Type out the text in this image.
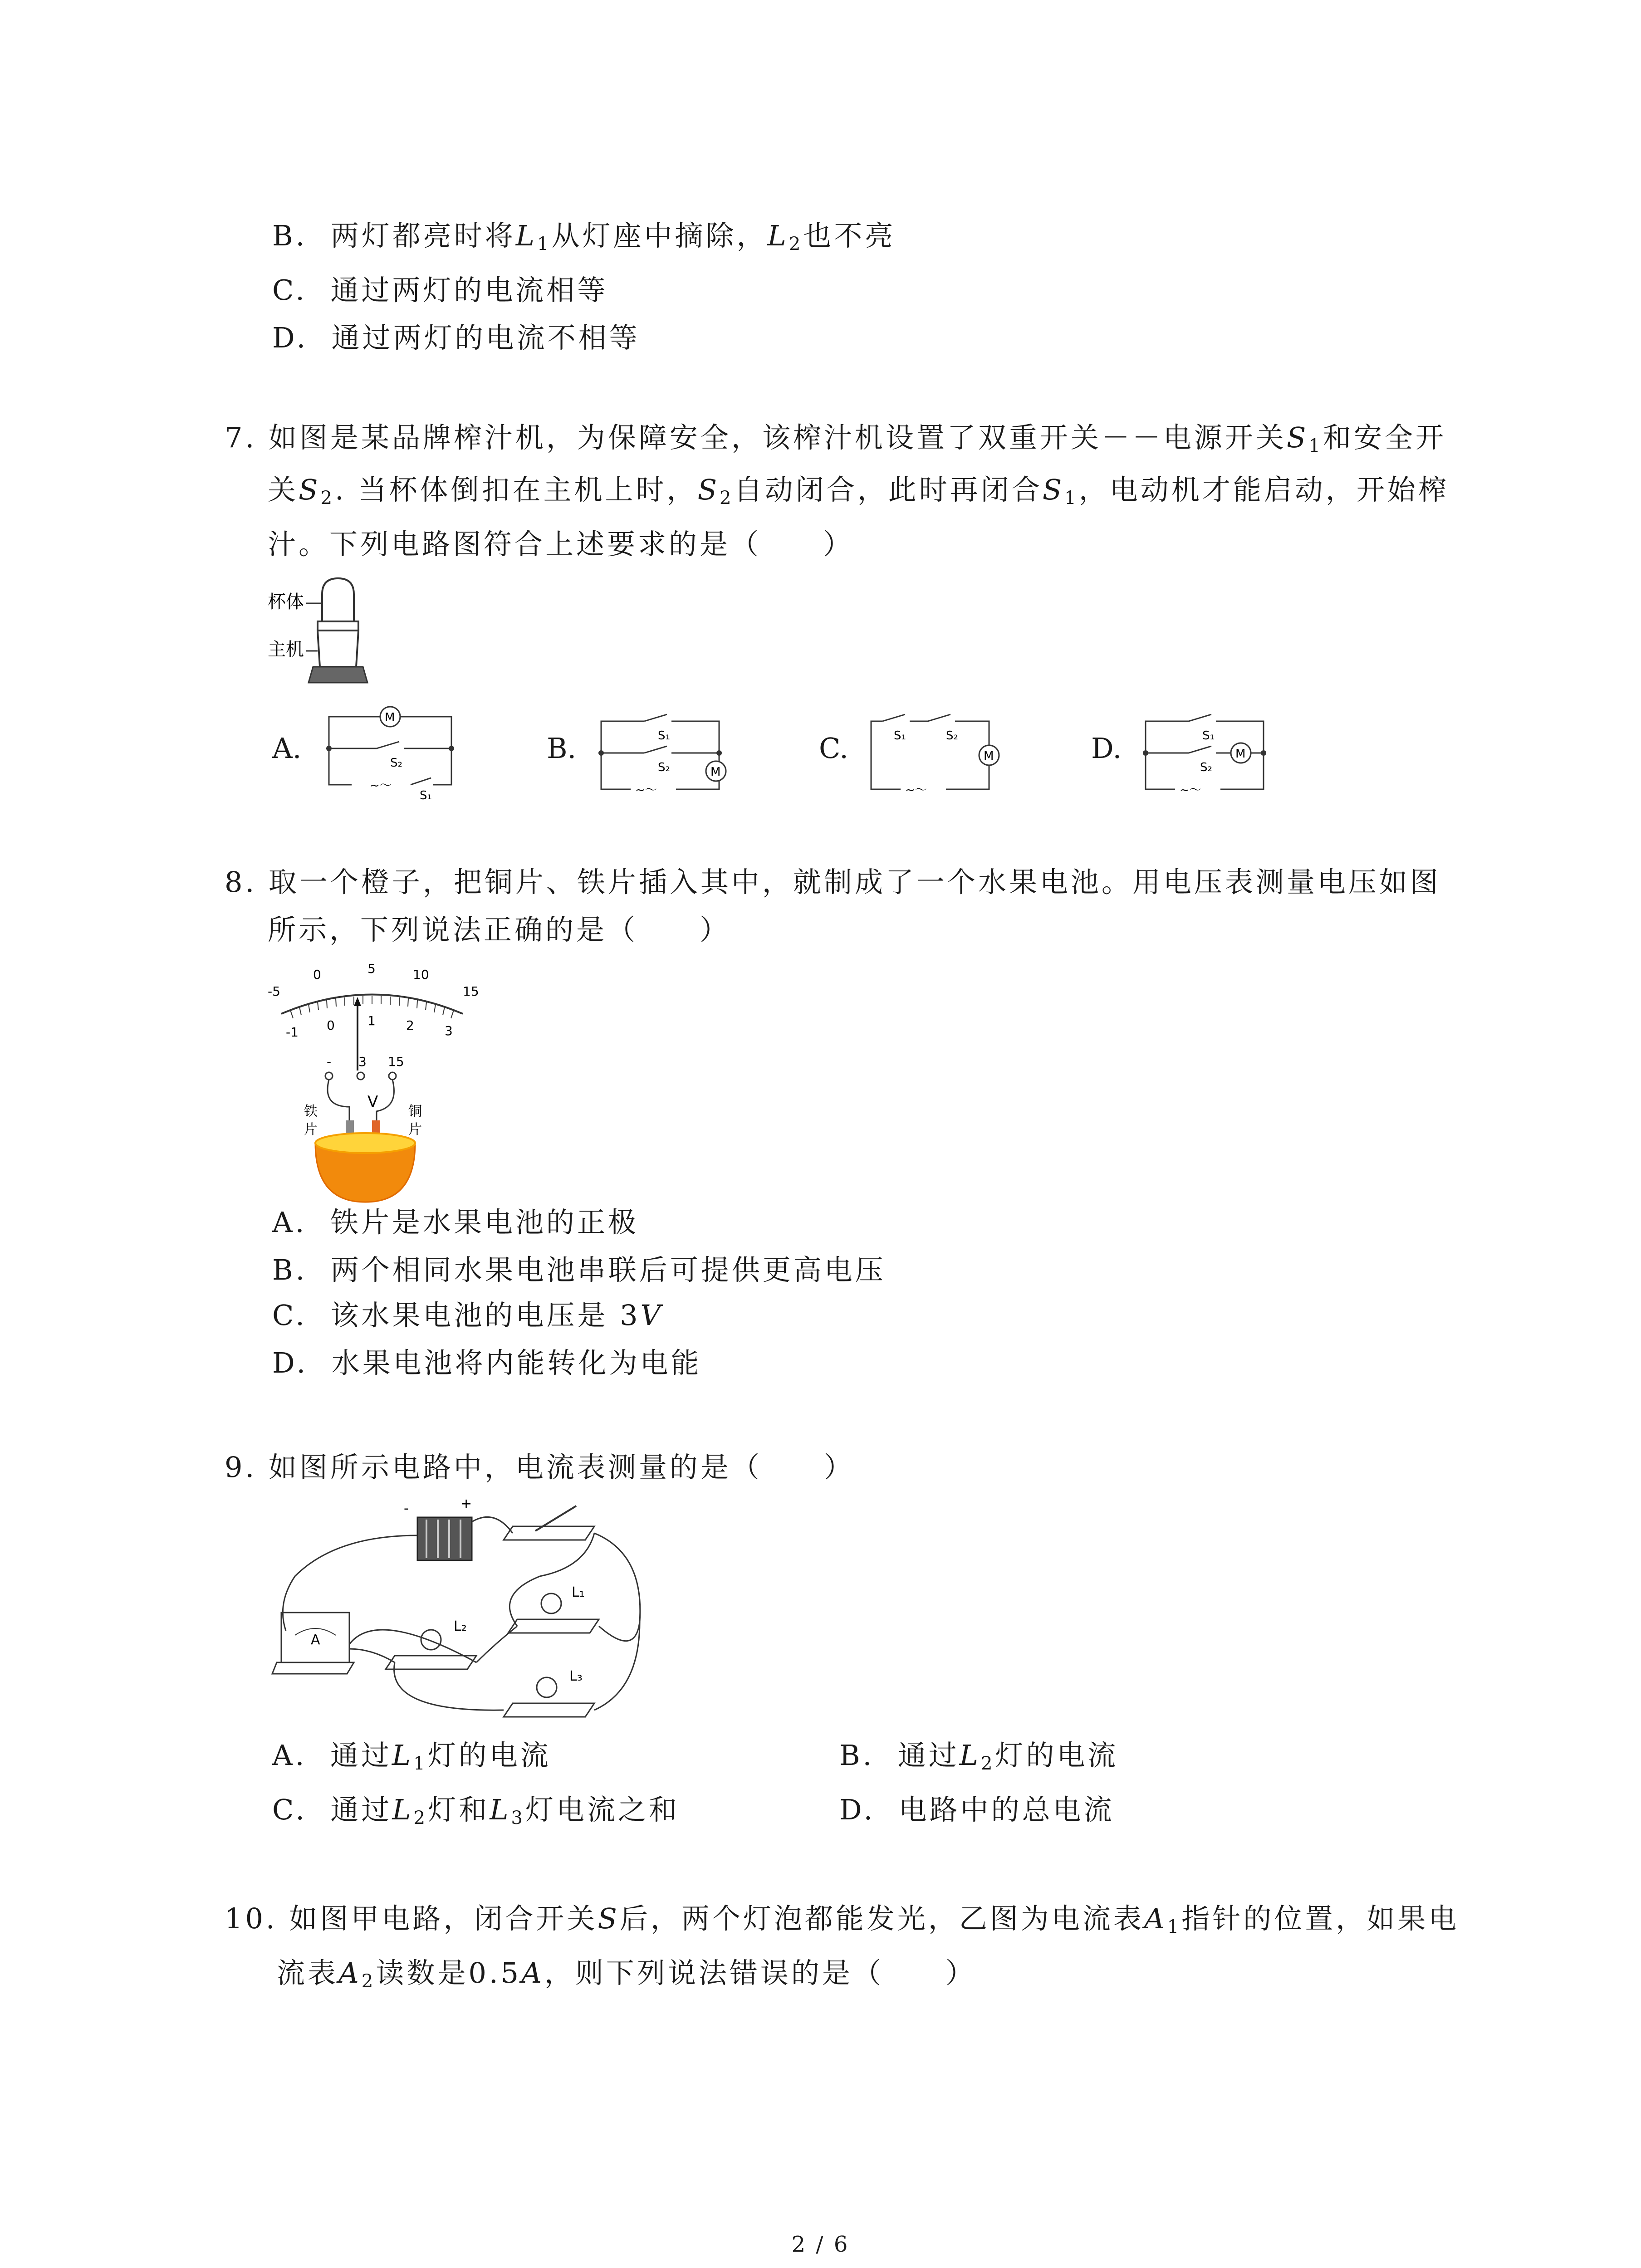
B. 两灯都亮时将$L_1$从灯座中摘除，$L_2$也不亮
C. 通过两灯的电流相等
D. 通过两灯的电流不相等
7. 如图是某品牌榨汁机，为保障安全，该榨汁机设置了双重开关－－电源开关$S_1$和安全开
关$S_2$. 当杯体倒扣在主机上时，$S_2$自动闭合，此时再闭合$S_1$，电动机才能启动，开始榨
汁。下列电路图符合上述要求的是（　　）
杯体
主机
A.
M
S₂
~～
S₁
B.	S₁
S₂	M
~～
C.	S₁	S₂
M
~～
D.	S₁
S₂
M
~～
8. 取一个橙子，把铜片、铁片插入其中，就制成了一个水果电池。用电压表测量电压如图
所示，下列说法正确的是（　　）
-5
0	5	10
15
-1 0	1 2 3
- 3 15
V
铁
片
铜
片
A. 铁片是水果电池的正极
B. 两个相同水果电池串联后可提供更高电压
C. 该水果电池的电压是 3V
D. 水果电池将内能转化为电能
9. 如图所示电路中，电流表测量的是（　　）
-	+
A
L₁
L₂
L₃
A. 通过$L_1$灯的电流	B. 通过$L_2$灯的电流
C. 通过$L_2$灯和$L_3$灯电流之和	D. 电路中的总电流
10. 如图甲电路，闭合开关S后，两个灯泡都能发光，乙图为电流表$A_1$指针的位置，如果电
流表$A_2$读数是0.5A，则下列说法错误的是（　　）
2 / 6
